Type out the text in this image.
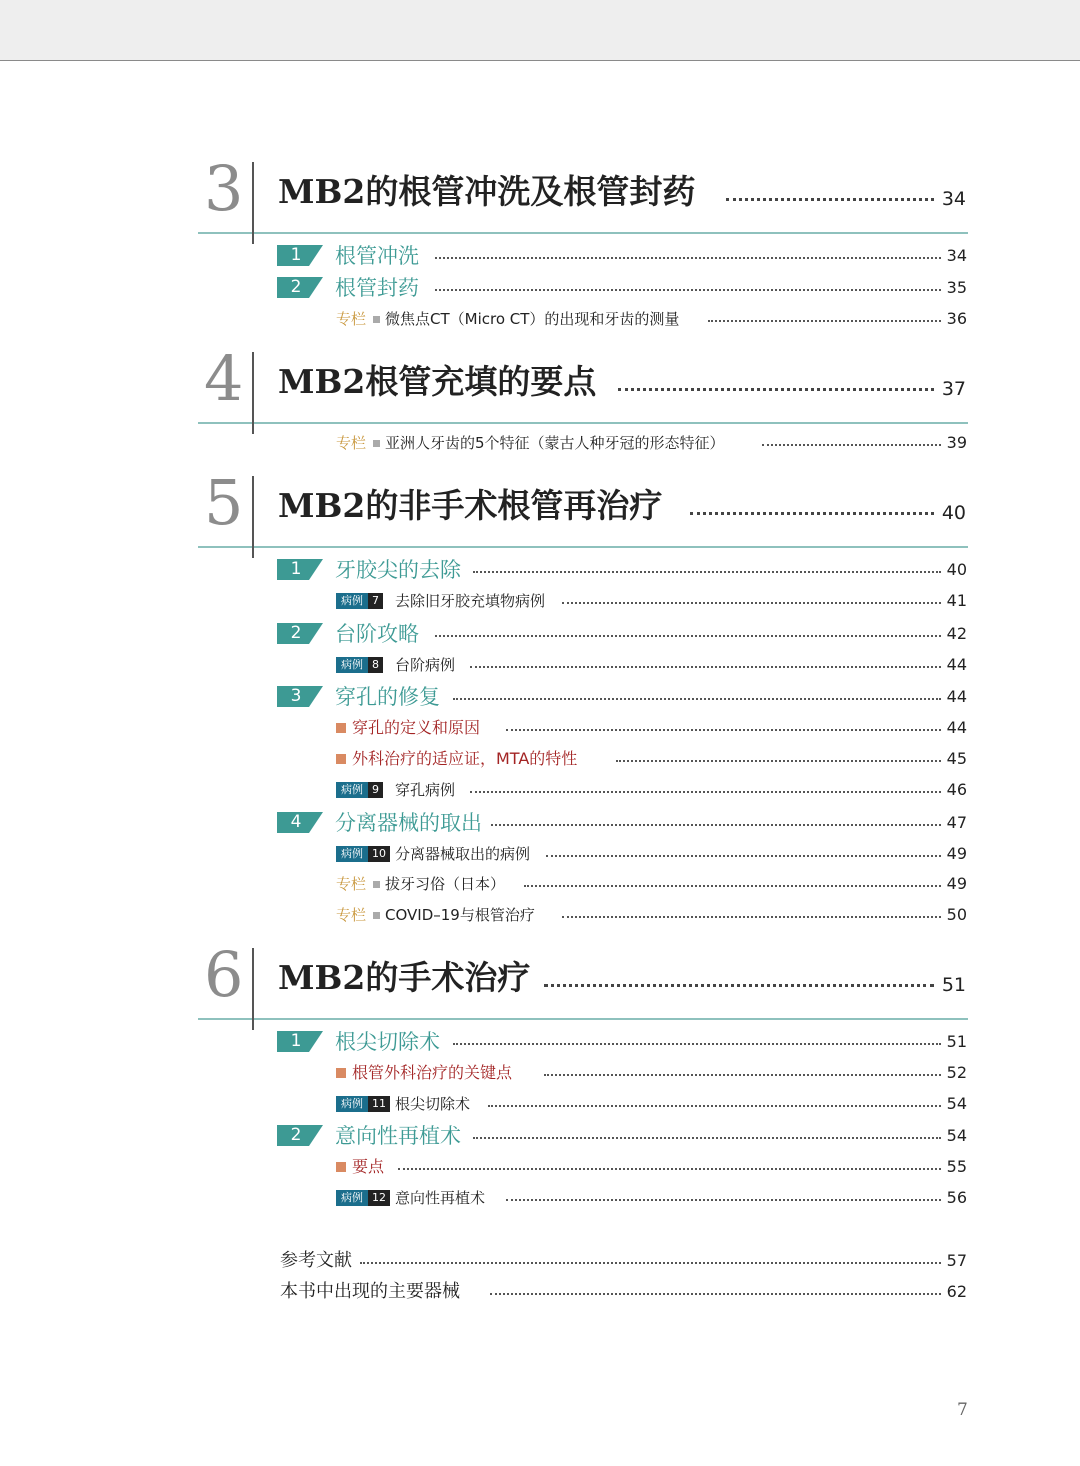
3 MB2的根管冲洗及根管封药	34
1	根管冲洗	34
2	根管封药	35
专栏 微焦点CT（Micro CT）的出现和牙齿的测量	36
4 MB2根管充填的要点	37
专栏 亚洲人牙齿的5个特征（蒙古人种牙冠的形态特征）	39
5 MB2的非手术根管再治疗	40
1	牙胶尖的去除	40
病例 7 去除旧牙胶充填物病例	41
2	台阶攻略	42
病例 8 台阶病例	44
3	穿孔的修复	44
穿孔的定义和原因	44
外科治疗的适应证，MTA的特性	45
病例 9 穿孔病例	46
4	分离器械的取出	47
病例 10 分离器械取出的病例	49
专栏 拔牙习俗（日本）	49
专栏 COVID–19与根管治疗	50
6 MB2的手术治疗	51
1	根尖切除术	51
根管外科治疗的关键点	52
病例 11 根尖切除术	54
2	意向性再植术	54
要点	55
病例 12 意向性再植术	56
参考文献	57
本书中出现的主要器械	62
7
